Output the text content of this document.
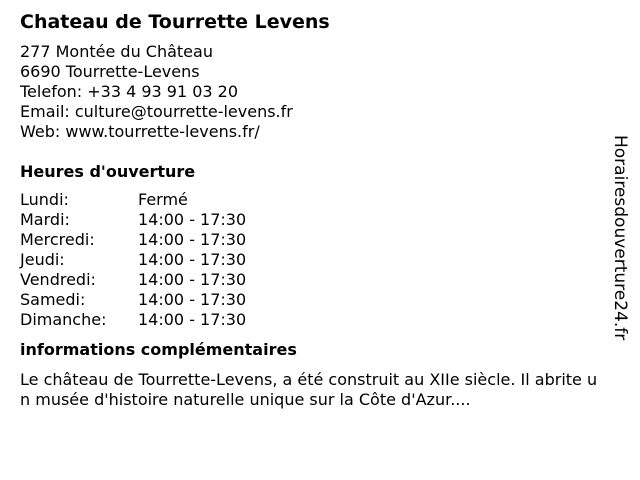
Chateau de Tourrette Levens
277 Montée du Château
6690 Tourrette-Levens
Telefon: +33 4 93 91 03 20
Email: culture@tourrette-levens.fr
Web: www.tourrette-levens.fr/
Heures d'ouverture
Lundi:	Fermé
Mardi:	14:00 - 17:30
Mercredi:	14:00 - 17:30
Jeudi:	14:00 - 17:30
Vendredi:	14:00 - 17:30
Samedi:	14:00 - 17:30
Dimanche:	14:00 - 17:30
informations complémentaires
Le château de Tourrette-Levens, a été construit au XIIe siècle. Il abrite un musée d'histoire naturelle unique sur la Côte d'Azur....
Horairesdouverture24.fr
